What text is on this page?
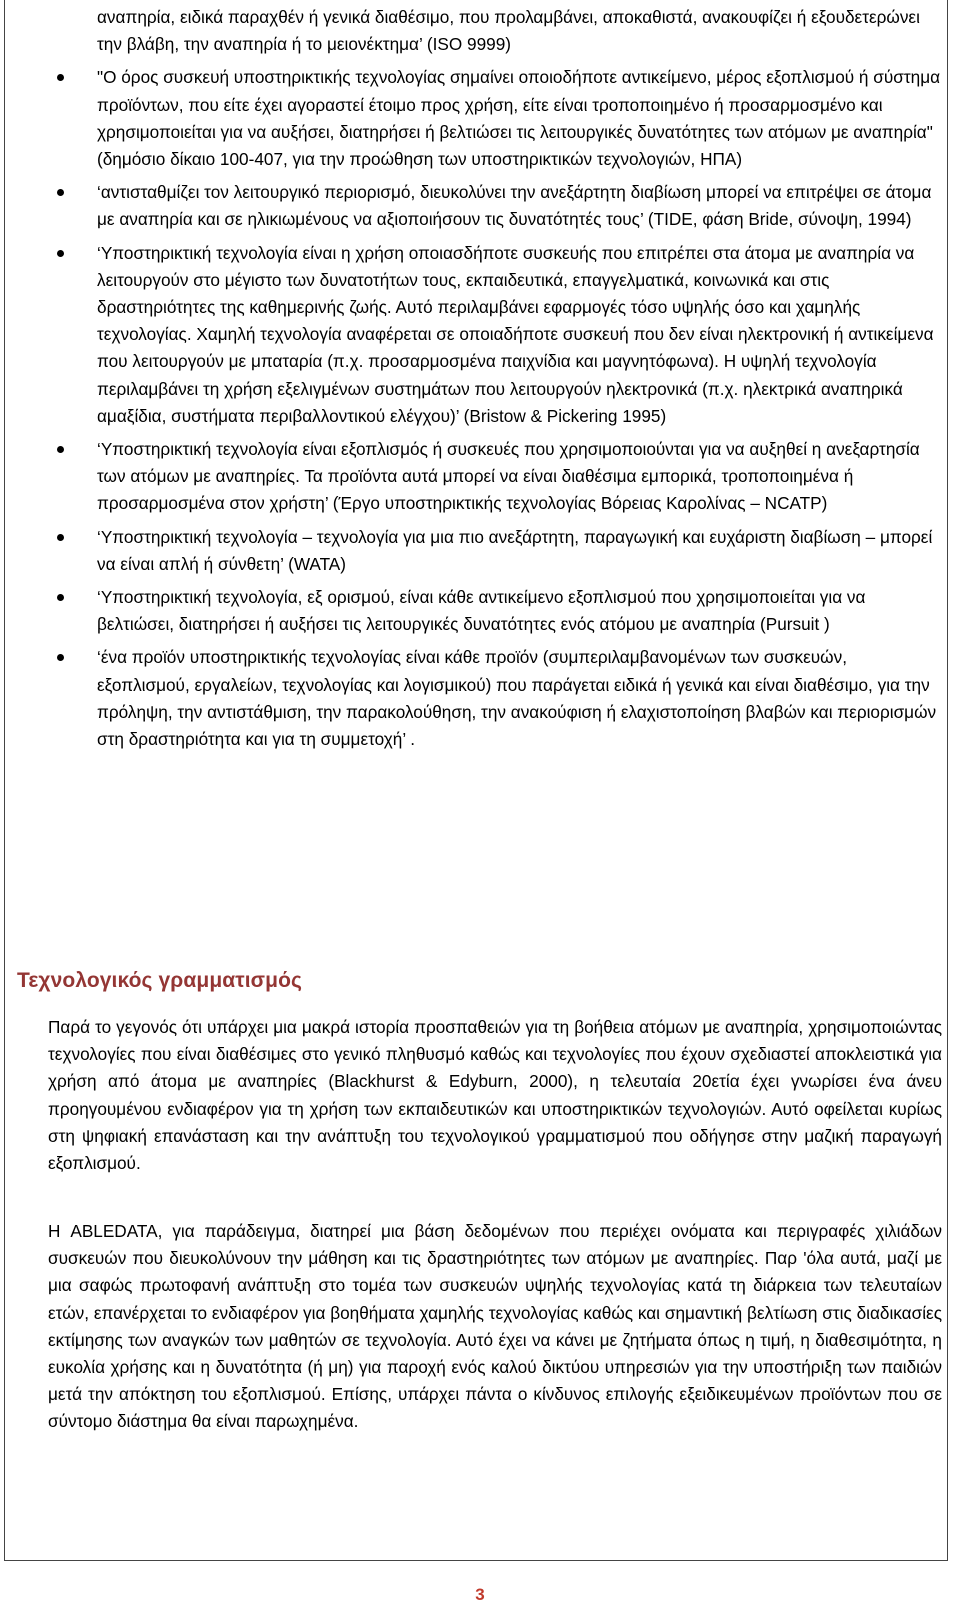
αναπηρία, ειδικά παραχθέν ή γενικά διαθέσιμο, που προλαμβάνει, αποκαθιστά, ανακουφίζει ή εξουδετερώνει την βλάβη, την αναπηρία ή το μειονέκτημα’ (ISO 9999)

"Ο όρος συσκευή υποστηρικτικής τεχνολογίας σημαίνει οποιοδήποτε αντικείμενο, μέρος εξοπλισμού ή σύστημα προϊόντων, που είτε έχει αγοραστεί έτοιμο προς χρήση, είτε είναι τροποποιημένο ή προσαρμοσμένο και χρησιμοποιείται για να αυξήσει, διατηρήσει ή βελτιώσει τις λειτουργικές δυνατότητες των ατόμων με αναπηρία" (δημόσιο δίκαιο 100-407, για την προώθηση των υποστηρικτικών τεχνολογιών, ΗΠΑ)

‘αντισταθμίζει τον λειτουργικό περιορισμό, διευκολύνει την ανεξάρτητη διαβίωση μπορεί να επιτρέψει σε άτομα με αναπηρία και σε ηλικιωμένους να αξιοποιήσουν τις δυνατότητές τους’ (TIDE, φάση Bride, σύνοψη, 1994)

‘Υποστηρικτική τεχνολογία είναι η χρήση οποιασδήποτε συσκευής που επιτρέπει στα άτομα με αναπηρία να λειτουργούν στο μέγιστο των δυνατοτήτων τους, εκπαιδευτικά, επαγγελματικά, κοινωνικά και στις δραστηριότητες της καθημερινής ζωής. Αυτό περιλαμβάνει εφαρμογές τόσο υψηλής όσο και χαμηλής τεχνολογίας. Χαμηλή τεχνολογία αναφέρεται σε οποιαδήποτε συσκευή που δεν είναι ηλεκτρονική ή αντικείμενα που λειτουργούν με μπαταρία (π.χ. προσαρμοσμένα παιχνίδια και μαγνητόφωνα). Η υψηλή τεχνολογία περιλαμβάνει τη χρήση εξελιγμένων συστημάτων που λειτουργούν ηλεκτρονικά (π.χ. ηλεκτρικά αναπηρικά αμαξίδια, συστήματα περιβαλλοντικού ελέγχου)’ (Bristow & Pickering 1995)

‘Υποστηρικτική τεχνολογία είναι εξοπλισμός ή συσκευές που χρησιμοποιούνται για να αυξηθεί η ανεξαρτησία των ατόμων με αναπηρίες. Τα προϊόντα αυτά μπορεί να είναι διαθέσιμα εμπορικά, τροποποιημένα ή προσαρμοσμένα στον χρήστη’ (Έργο υποστηρικτικής τεχνολογίας Βόρειας Καρολίνας – NCATP)

‘Υποστηρικτική τεχνολογία – τεχνολογία για μια πιο ανεξάρτητη, παραγωγική και ευχάριστη διαβίωση – μπορεί να είναι απλή ή σύνθετη’ (WATA)

‘Υποστηρικτική τεχνολογία, εξ ορισμού, είναι κάθε αντικείμενο εξοπλισμού που χρησιμοποιείται για να βελτιώσει, διατηρήσει ή αυξήσει τις λειτουργικές δυνατότητες ενός ατόμου με αναπηρία (Pursuit )

‘ένα προϊόν υποστηρικτικής τεχνολογίας είναι κάθε προϊόν (συμπεριλαμβανομένων των συσκευών, εξοπλισμού, εργαλείων, τεχνολογίας και λογισμικού) που παράγεται ειδικά ή γενικά και είναι διαθέσιμο, για την πρόληψη, την αντιστάθμιση, την παρακολούθηση, την ανακούφιση ή ελαχιστοποίηση βλαβών και περιορισμών στη δραστηριότητα και για τη συμμετοχή’ .

Τεχνολογικός γραμματισμός

Παρά το γεγονός ότι υπάρχει μια μακρά ιστορία προσπαθειών για τη βοήθεια ατόμων με αναπηρία, χρησιμοποιώντας τεχνολογίες που είναι διαθέσιμες στο γενικό πληθυσμό καθώς και τεχνολογίες που έχουν σχεδιαστεί αποκλειστικά για χρήση από άτομα με αναπηρίες (Blackhurst & Edyburn, 2000), η τελευταία 20ετία έχει γνωρίσει ένα άνευ προηγουμένου ενδιαφέρον για τη χρήση των εκπαιδευτικών και υποστηρικτικών τεχνολογιών. Αυτό οφείλεται κυρίως στη ψηφιακή επανάσταση και την ανάπτυξη του τεχνολογικού γραμματισμού που οδήγησε στην μαζική παραγωγή εξοπλισμού.

Η ABLEDATA, για παράδειγμα, διατηρεί μια βάση δεδομένων που περιέχει ονόματα και περιγραφές χιλιάδων συσκευών που διευκολύνουν την μάθηση και τις δραστηριότητες των ατόμων με αναπηρίες. Παρ 'όλα αυτά, μαζί με μια σαφώς πρωτοφανή ανάπτυξη στο τομέα των συσκευών υψηλής τεχνολογίας κατά τη διάρκεια των τελευταίων ετών, επανέρχεται το ενδιαφέρον για βοηθήματα χαμηλής τεχνολογίας καθώς και σημαντική βελτίωση στις διαδικασίες εκτίμησης των αναγκών των μαθητών σε τεχνολογία. Αυτό έχει να κάνει με ζητήματα όπως η τιμή, η διαθεσιμότητα, η ευκολία χρήσης και η δυνατότητα (ή μη) για παροχή ενός καλού δικτύου υπηρεσιών για την υποστήριξη των παιδιών μετά την απόκτηση του εξοπλισμού. Επίσης, υπάρχει πάντα ο κίνδυνος επιλογής εξειδικευμένων προϊόντων που σε σύντομο διάστημα θα είναι παρωχημένα.

3
